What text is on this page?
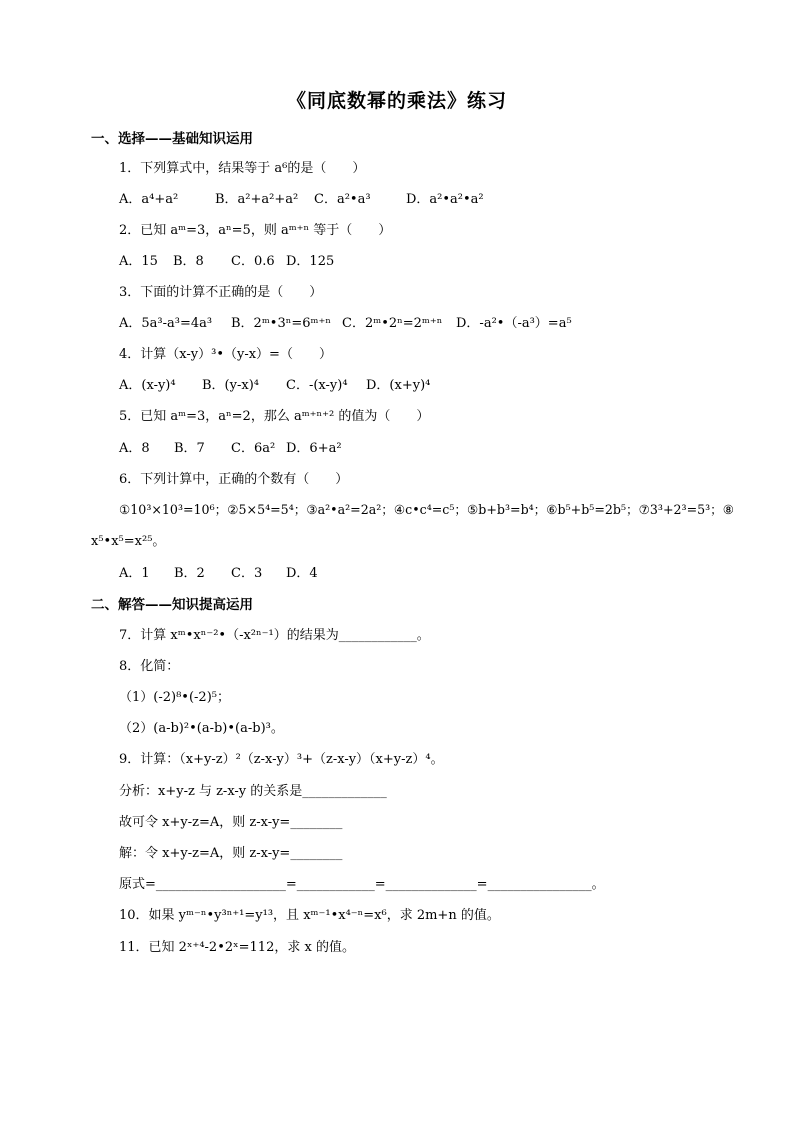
《同底数幂的乘法》练习
一、选择——基础知识运用
1．下列算式中，结果等于 a⁶的是（　　）
A．a⁴+a²	B．a²+a²+a² C．a²•a³	D．a²•a²•a²
2．已知 aᵐ=3，aⁿ=5，则 aᵐ⁺ⁿ 等于（　　）
A．15 B．8 C．0.6 D．125
3．下面的计算不正确的是（　　）
A．5a³-a³=4a³ B．2ᵐ•3ⁿ=6ᵐ⁺ⁿ C．2ᵐ•2ⁿ=2ᵐ⁺ⁿ D．-a²•（-a³）=a⁵
4．计算（x-y）³•（y-x）=（　　）
A．(x-y)⁴ B．(y-x)⁴ C．-(x-y)⁴ D．(x+y)⁴
5．已知 aᵐ=3，aⁿ=2，那么 aᵐ⁺ⁿ⁺² 的值为（　　）
A．8 B．7 C．6a² D．6+a²
6．下列计算中，正确的个数有（　　）
①10³×10³=10⁶；②5×5⁴=5⁴；③a²•a²=2a²；④c•c⁴=c⁵；⑤b+b³=b⁴；⑥b⁵+b⁵=2b⁵；⑦3³+2³=5³；⑧
x⁵•x⁵=x²⁵。
A．1 B．2 C．3 D．4
二、解答——知识提高运用
7．计算 xᵐ•xⁿ⁻²•（-x²ⁿ⁻¹）的结果为____________。
8．化简：
（1）(-2)⁸•(-2)⁵；
（2）(a-b)²•(a-b)•(a-b)³。
9．计算：（x+y-z）²（z-x-y）³+（z-x-y）（x+y-z）⁴。
分析：x+y-z 与 z-x-y 的关系是_____________
故可令 x+y-z=A，则 z-x-y=________
解：令 x+y-z=A，则 z-x-y=________
原式=____________________=____________=______________=________________。
10．如果 yᵐ⁻ⁿ•y³ⁿ⁺¹=y¹³，且 xᵐ⁻¹•x⁴⁻ⁿ=x⁶，求 2m+n 的值。
11．已知 2ˣ⁺⁴-2•2ˣ=112，求 x 的值。
